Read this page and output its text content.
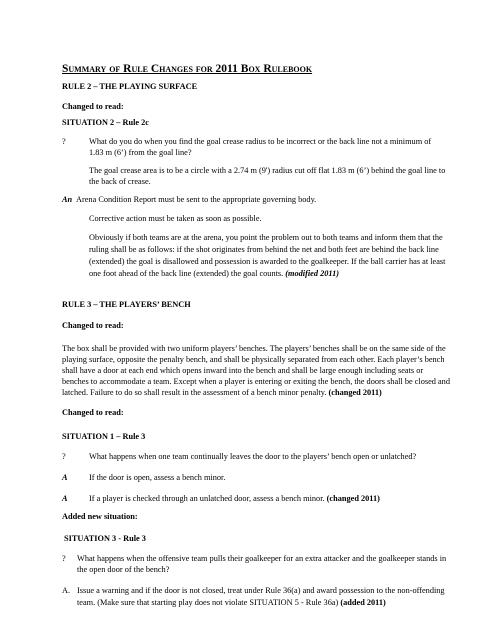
Summary of Rule Changes for 2011 Box Rulebook
RULE 2 – THE PLAYING SURFACE
Changed to read:
SITUATION 2 – Rule 2c
?	What do you do when you find the goal crease radius to be incorrect or the back line not a minimum of
1.83 m (6’) from the goal line?
The goal crease area is to be a circle with a 2.74 m (9') radius cut off flat 1.83 m (6’) behind the goal line to
the back of crease.
An Arena Condition Report must be sent to the appropriate governing body.
Corrective action must be taken as soon as possible.
Obviously if both teams are at the arena, you point the problem out to both teams and inform them that the
ruling shall be as follows: if the shot originates from behind the net and both feet are behind the back line
(extended) the goal is disallowed and possession is awarded to the goalkeeper. If the ball carrier has at least
one foot ahead of the back line (extended) the goal counts. (modified 2011)
RULE 3 – THE PLAYERS’ BENCH
Changed to read:
The box shall be provided with two uniform players’ benches. The players’ benches shall be on the same side of the
playing surface, opposite the penalty bench, and shall be physically separated from each other. Each player’s bench
shall have a door at each end which opens inward into the bench and shall be large enough including seats or
benches to accommodate a team. Except when a player is entering or exiting the bench, the doors shall be closed and
latched. Failure to do so shall result in the assessment of a bench minor penalty. (changed 2011)
Changed to read:
SITUATION 1 – Rule 3
?	What happens when one team continually leaves the door to the players’ bench open or unlatched?
A	If the door is open, assess a bench minor.
A	If a player is checked through an unlatched door, assess a bench minor. (changed 2011)
Added new situation:
SITUATION 3 - Rule 3
? What happens when the offensive team pulls their goalkeeper for an extra attacker and the goalkeeper stands in
the open door of the bench?
A. Issue a warning and if the door is not closed, treat under Rule 36(a) and award possession to the non-offending
team. (Make sure that starting play does not violate SITUATION 5 - Rule 36a) (added 2011)
